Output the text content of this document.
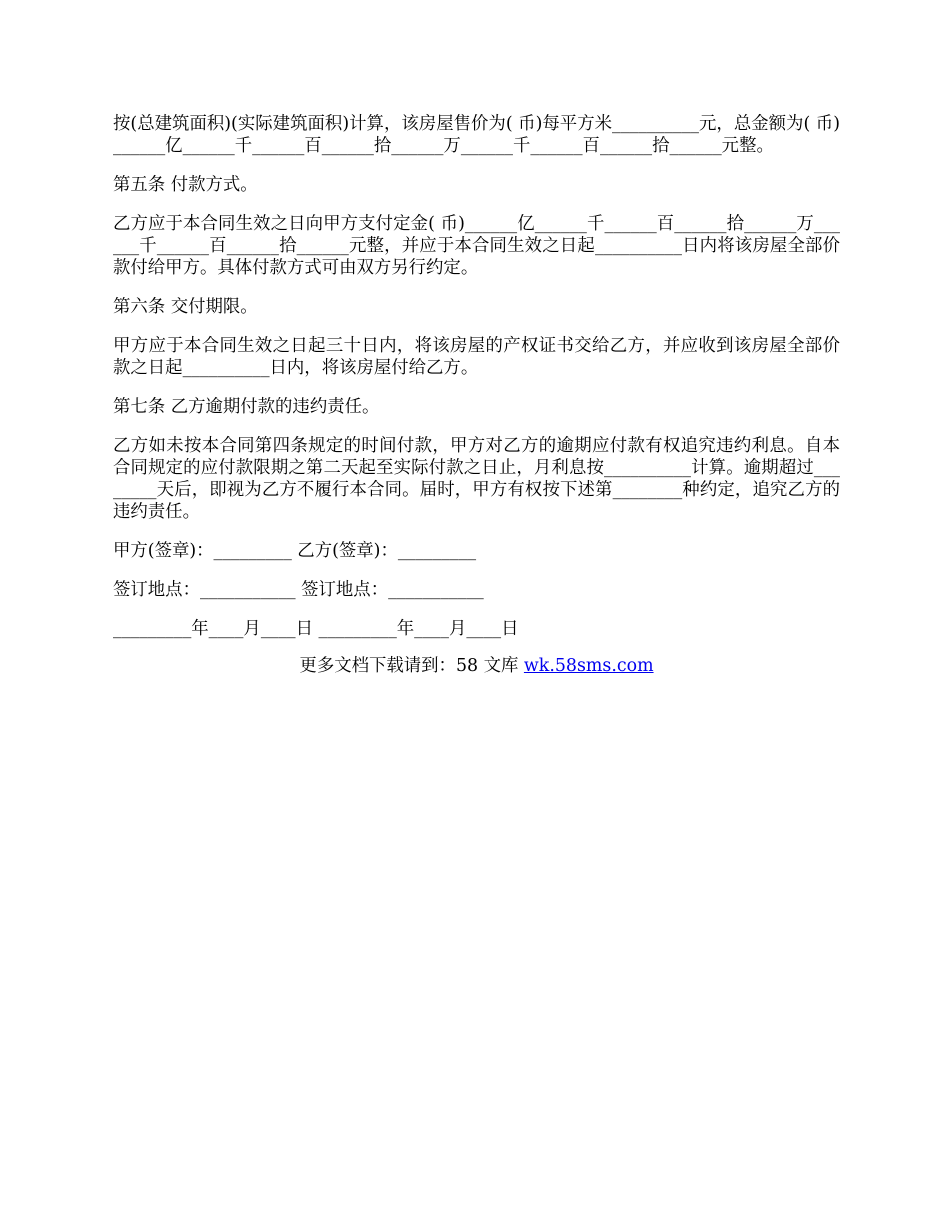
按(总建筑面积)(实际建筑面积)计算，该房屋售价为( 币)每平方米__________元，总金额为( 币)______亿______千______百______拾______万______千______百______拾______元整。

第五条 付款方式。

乙方应于本合同生效之日向甲方支付定金( 币)______亿______千______百______拾______万______千______百______拾______元整，并应于本合同生效之日起__________日内将该房屋全部价款付给甲方。具体付款方式可由双方另行约定。

第六条 交付期限。

甲方应于本合同生效之日起三十日内，将该房屋的产权证书交给乙方，并应收到该房屋全部价款之日起__________日内，将该房屋付给乙方。

第七条 乙方逾期付款的违约责任。

乙方如未按本合同第四条规定的时间付款，甲方对乙方的逾期应付款有权追究违约利息。自本合同规定的应付款限期之第二天起至实际付款之日止，月利息按__________计算。逾期超过________天后，即视为乙方不履行本合同。届时，甲方有权按下述第________种约定，追究乙方的违约责任。

甲方(签章)：_________ 乙方(签章)：_________

签订地点：___________ 签订地点：___________

_________年____月____日 _________年____月____日

更多文档下载请到：58 文库 wk.58sms.com
